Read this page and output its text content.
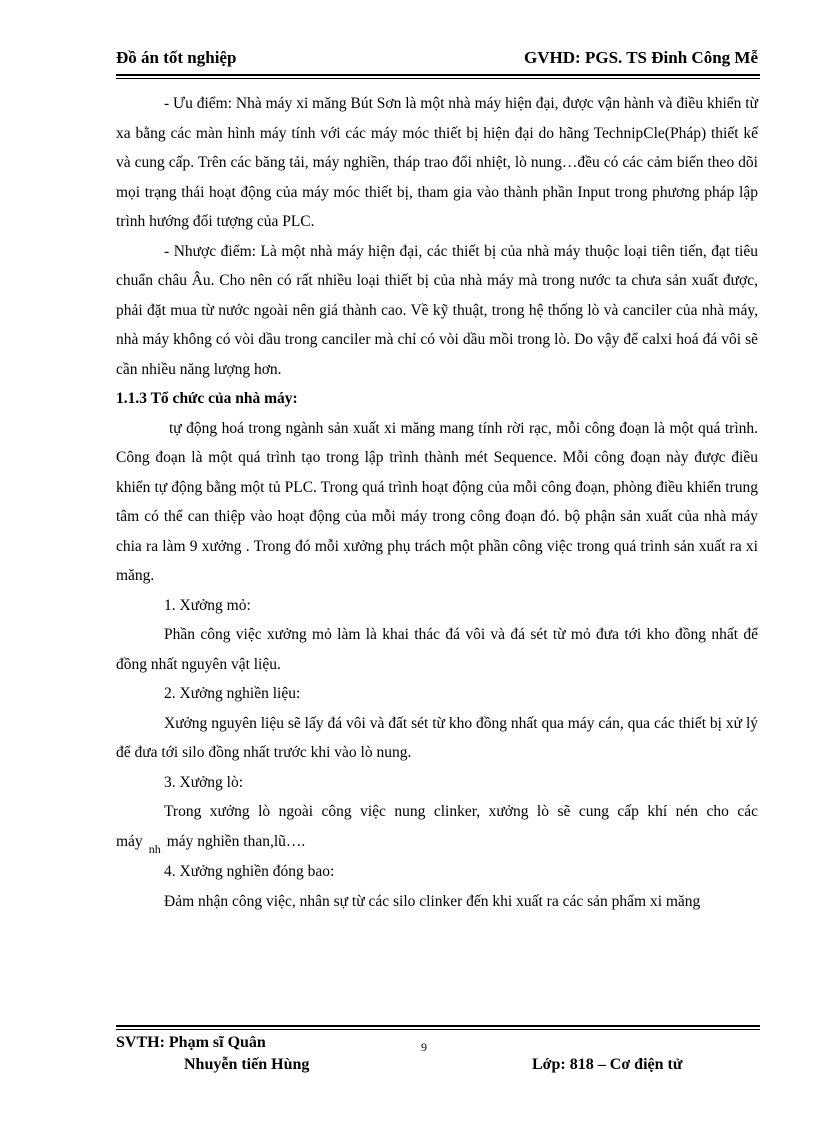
Đồ án tốt nghiệp	GVHD: PGS. TS Đinh Công Mễ

- Ưu điểm: Nhà máy xi măng Bút Sơn là một nhà máy hiện đại, được vận hành và điều khiển từ xa bằng các màn hình máy tính với các máy móc thiết bị hiện đại do hãng TechnipCle(Pháp) thiết kế và cung cấp. Trên các băng tải, máy nghiền, tháp trao đổi nhiệt, lò nung…đều có các cảm biến theo dõi mọi trạng thái hoạt động của máy móc thiết bị, tham gia vào thành phần Input trong phương pháp lập trình hướng đối tượng của PLC.

- Nhược điểm: Là một nhà máy hiện đại, các thiết bị của nhà máy thuộc loại tiên tiến, đạt tiêu chuẩn châu Âu. Cho nên có rất nhiều loại thiết bị của nhà máy mà trong nước ta chưa sản xuất được, phải đặt mua từ nước ngoài nên giá thành cao. Về kỹ thuật, trong hệ thống lò và canciler của nhà máy, nhà máy không có vòi dầu trong canciler mà chỉ có vòi dầu mồi trong lò. Do vậy để calxi hoá đá vôi sẽ cần nhiều năng lượng hơn.

1.1.3 Tổ chức của nhà máy:

tự động hoá trong ngành sản xuất xi măng mang tính rời rạc, mỗi công đoạn là một quá trình. Công đoạn là một quá trình tạo trong lập trình thành mét Sequence. Mỗi công đoạn này được điều khiển tự động bằng một tủ PLC. Trong quá trình hoạt động của mỗi công đoạn, phòng điều khiển trung tâm có thể can thiệp vào hoạt động của mỗi máy trong công đoạn đó. bộ phận sản xuất của nhà máy chia ra làm 9 xưởng . Trong đó mỗi xưởng phụ trách một phần công việc trong quá trình sản xuất ra xi măng.

1. Xưởng mỏ:

Phần công việc xưởng mỏ làm là khai thác đá vôi và đá sét từ mỏ đưa tới kho đồng nhất để đồng nhất nguyên vật liệu.

2. Xưởng nghiền liệu:

Xưởng nguyên liệu sẽ lấy đá vôi và đất sét từ kho đồng nhất qua máy cán, qua các thiết bị xử lý để đưa tới silo đồng nhất trước khi vào lò nung.

3. Xưởng lò:

Trong xưởng lò ngoài công việc nung clinker, xưởng lò sẽ cung cấp khí nén cho các máy $_{nh}$ máy nghiền than,lũ….

4. Xưởng nghiền đóng bao:

Đảm nhận công việc, nhân sự từ các silo clinker đến khi xuất ra các sản phẩm xi măng

SVTH: Phạm sĩ Quân
Nhuyễn tiến Hùng
9
Lớp: 818 – Cơ điện tử
